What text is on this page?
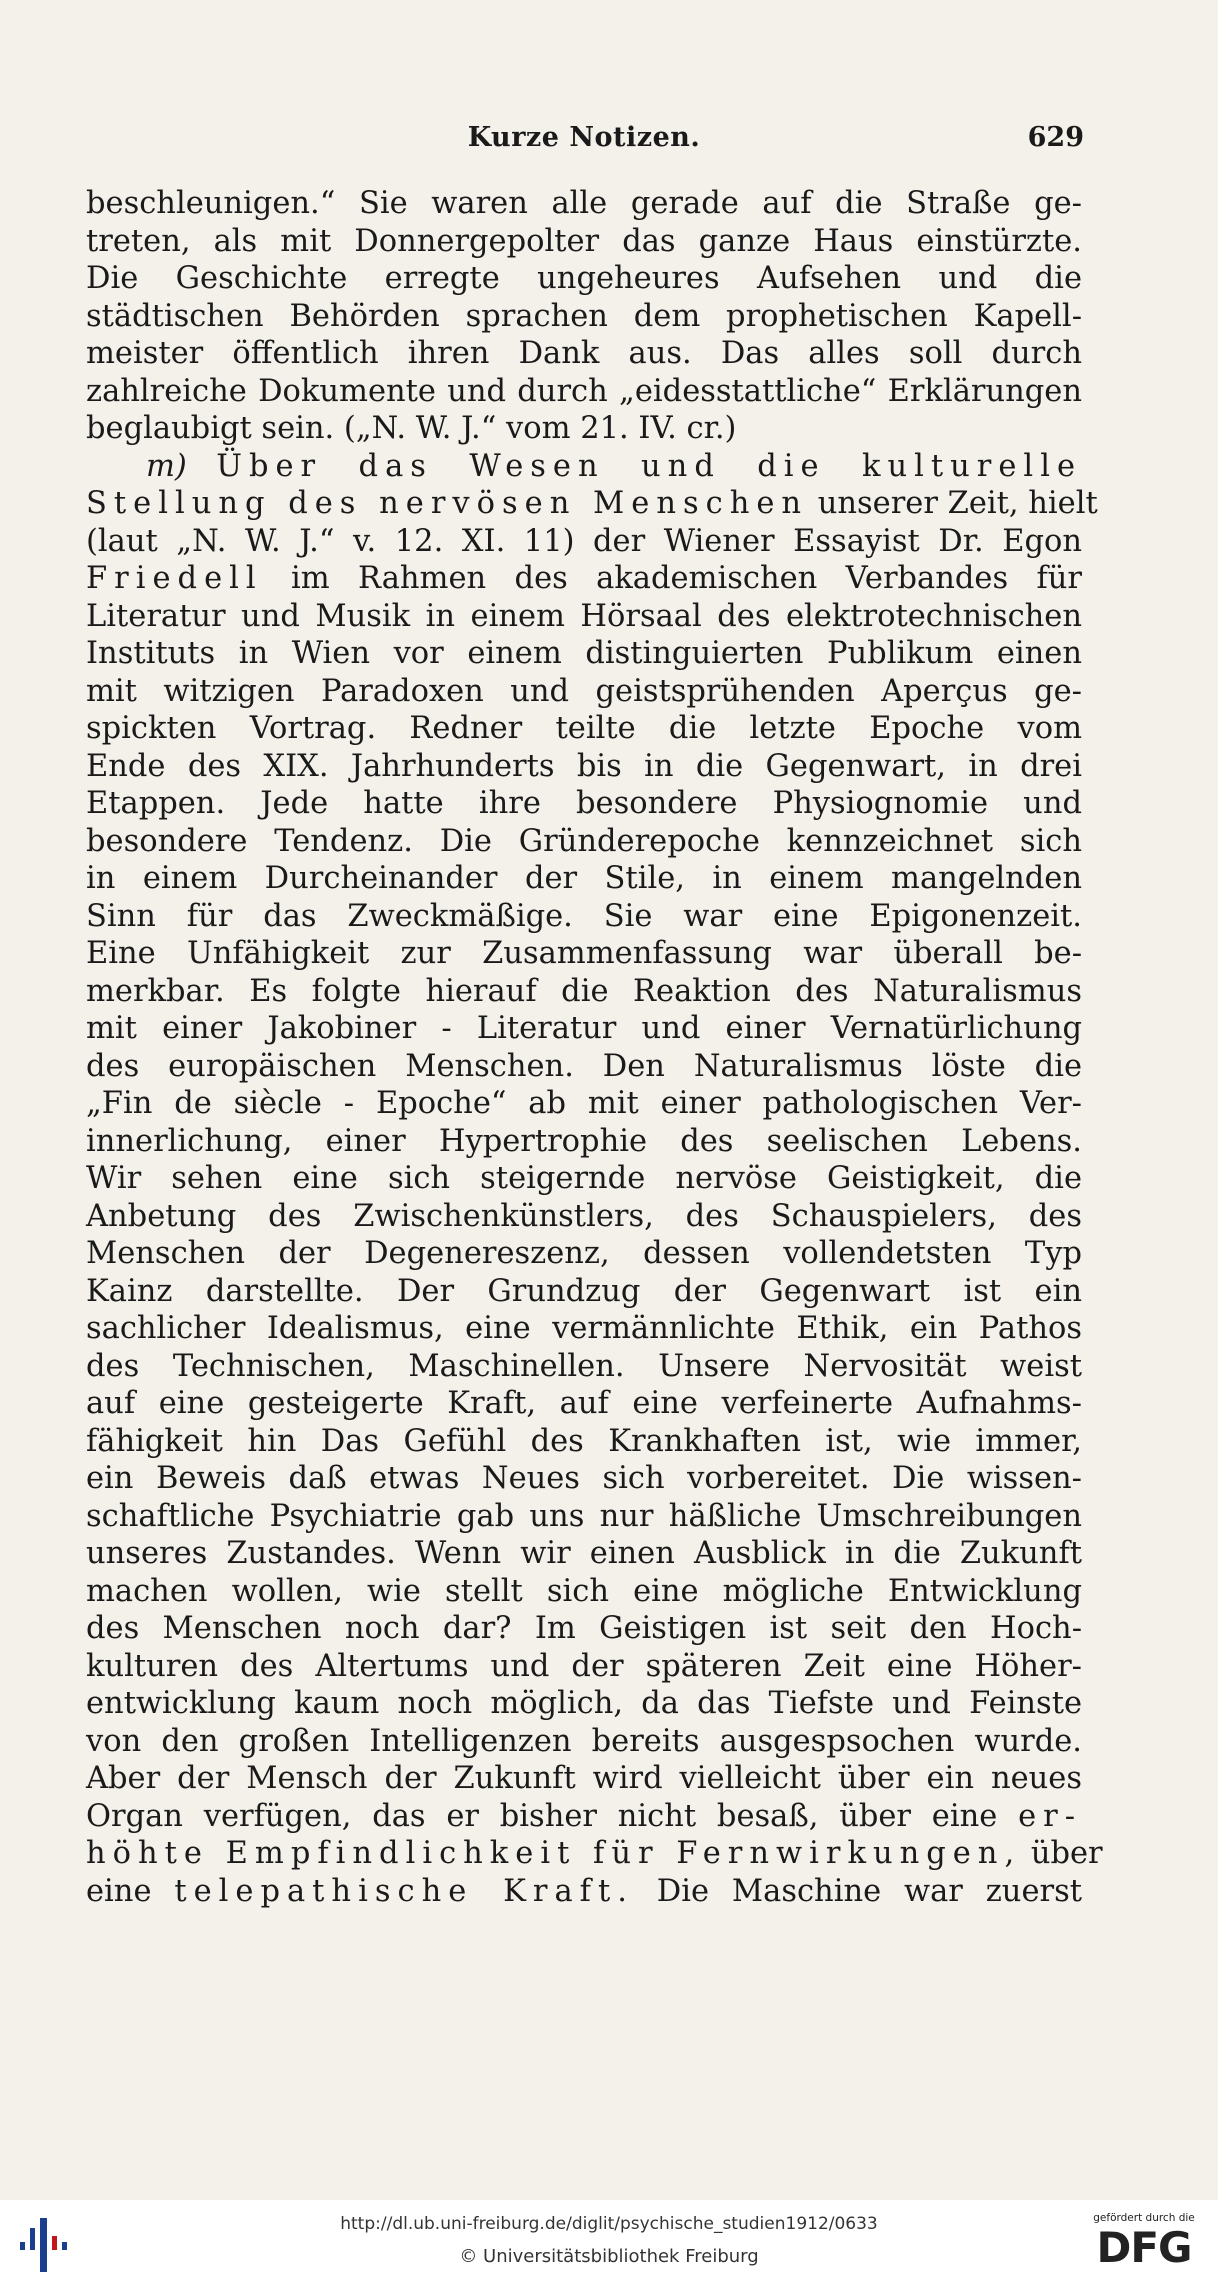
Kurze Notizen.	629
beschleunigen.“ Sie waren alle gerade auf die Straße ge-
treten, als mit Donnergepolter das ganze Haus einstürzte.
Die Geschichte erregte ungeheures Aufsehen und die
städtischen Behörden sprachen dem prophetischen Kapell-
meister öffentlich ihren Dank aus. Das alles soll durch
zahlreiche Dokumente und durch „eidesstattliche“ Erklärungen
beglaubigt sein. („N. W. J.“ vom 21. IV. cr.)
m) Über das Wesen und die kulturelle
Stellung des nervösen Menschen unserer Zeit, hielt
(laut „N. W. J.“ v. 12. XI. 11) der Wiener Essayist Dr. Egon
Friedell im Rahmen des akademischen Verbandes für
Literatur und Musik in einem Hörsaal des elektrotechnischen
Instituts in Wien vor einem distinguierten Publikum einen
mit witzigen Paradoxen und geistsprühenden Aperçus ge-
spickten Vortrag. Redner teilte die letzte Epoche vom
Ende des XIX. Jahrhunderts bis in die Gegenwart, in drei
Etappen. Jede hatte ihre besondere Physiognomie und
besondere Tendenz. Die Gründerepoche kennzeichnet sich
in einem Durcheinander der Stile, in einem mangelnden
Sinn für das Zweckmäßige. Sie war eine Epigonenzeit.
Eine Unfähigkeit zur Zusammenfassung war überall be-
merkbar. Es folgte hierauf die Reaktion des Naturalismus
mit einer Jakobiner - Literatur und einer Vernatürlichung
des europäischen Menschen. Den Naturalismus löste die
„Fin de siècle - Epoche“ ab mit einer pathologischen Ver-
innerlichung, einer Hypertrophie des seelischen Lebens.
Wir sehen eine sich steigernde nervöse Geistigkeit, die
Anbetung des Zwischenkünstlers, des Schauspielers, des
Menschen der Degenereszenz, dessen vollendetsten Typ
Kainz darstellte. Der Grundzug der Gegenwart ist ein
sachlicher Idealismus, eine vermännlichte Ethik, ein Pathos
des Technischen, Maschinellen. Unsere Nervosität weist
auf eine gesteigerte Kraft, auf eine verfeinerte Aufnahms-
fähigkeit hin Das Gefühl des Krankhaften ist, wie immer,
ein Beweis daß etwas Neues sich vorbereitet. Die wissen-
schaftliche Psychiatrie gab uns nur häßliche Umschreibungen
unseres Zustandes. Wenn wir einen Ausblick in die Zukunft
machen wollen, wie stellt sich eine mögliche Entwicklung
des Menschen noch dar? Im Geistigen ist seit den Hoch-
kulturen des Altertums und der späteren Zeit eine Höher-
entwicklung kaum noch möglich, da das Tiefste und Feinste
von den großen Intelligenzen bereits ausgespsochen wurde.
Aber der Mensch der Zukunft wird vielleicht über ein neues
Organ verfügen, das er bisher nicht besaß, über eine er-
höhte Empfindlichkeit für Fernwirkungen, über
eine telepathische Kraft. Die Maschine war zuerst
http://dl.ub.uni-freiburg.de/diglit/psychische_studien1912/0633
© Universitätsbibliothek Freiburg
gefördert durch die
DFG
